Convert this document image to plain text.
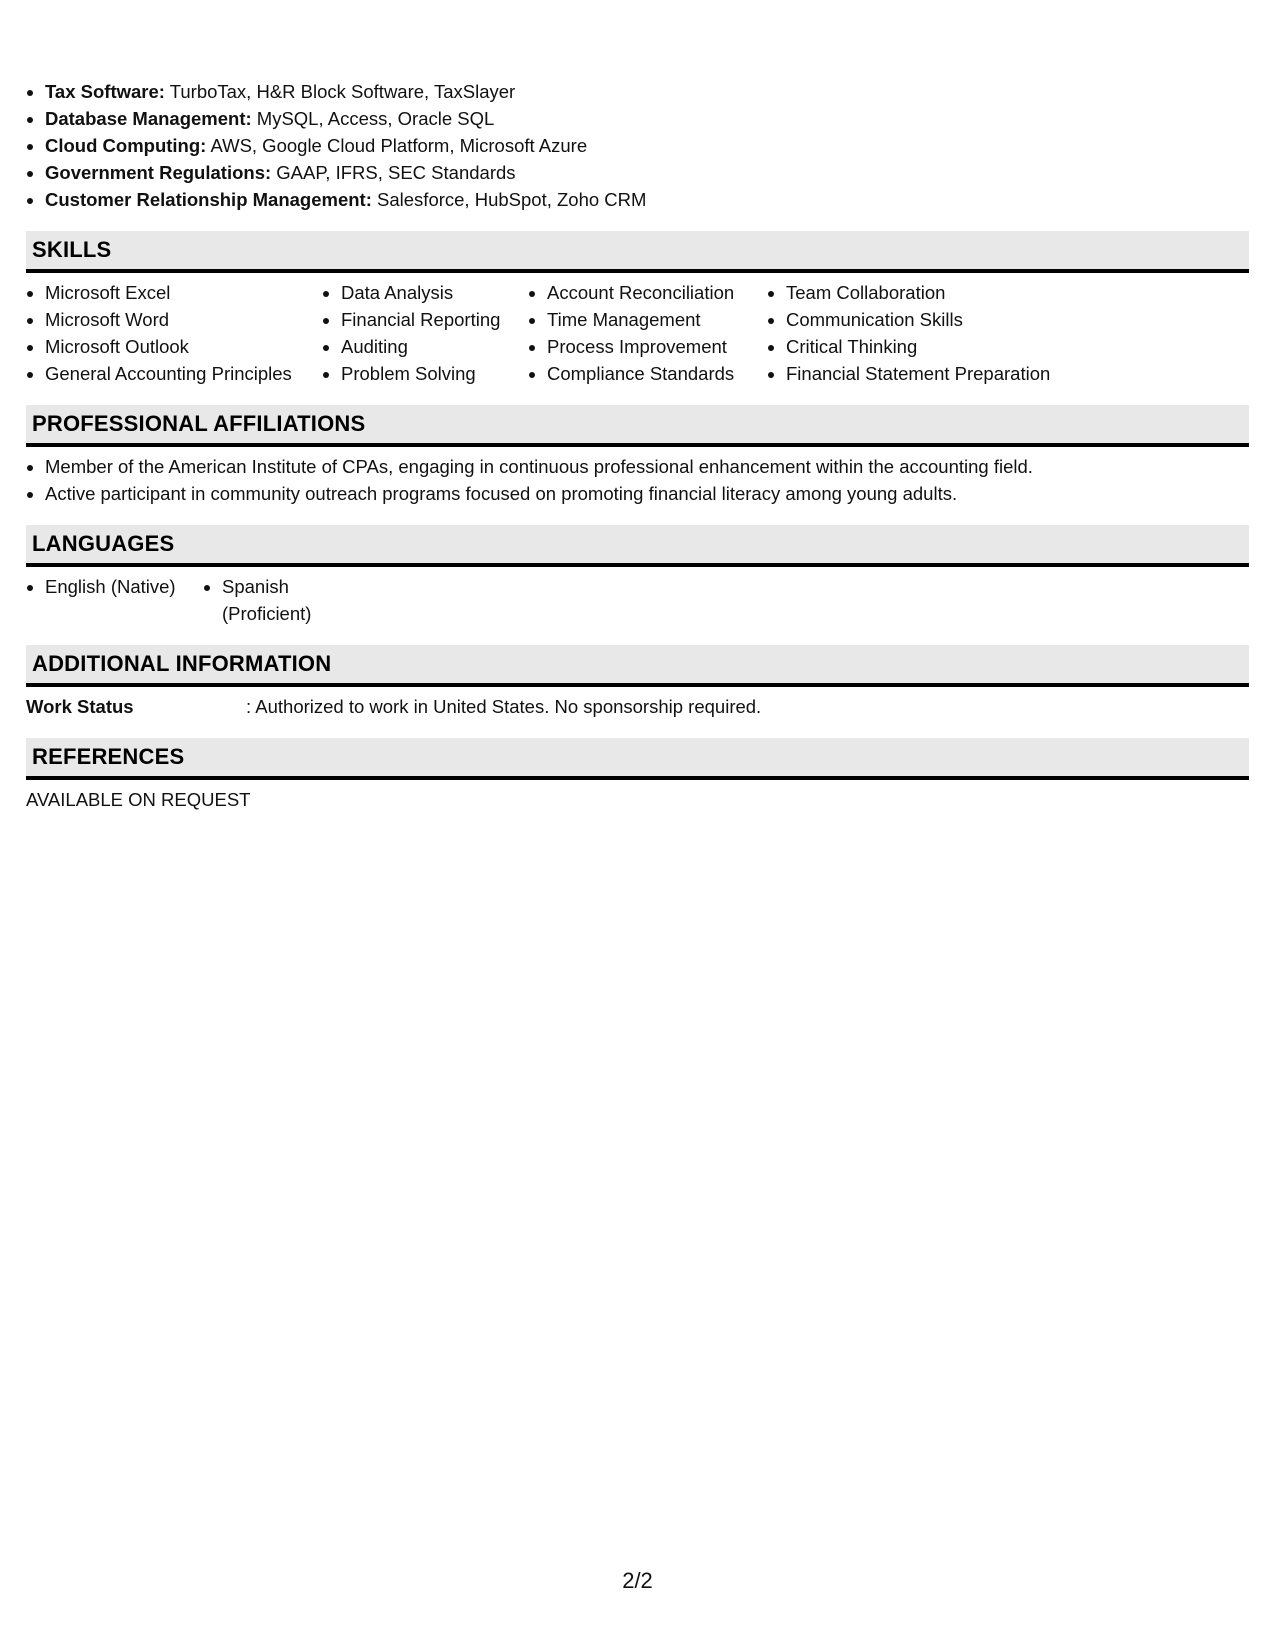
• Tax Software: TurboTax, H&R Block Software, TaxSlayer
• Database Management: MySQL, Access, Oracle SQL
• Cloud Computing: AWS, Google Cloud Platform, Microsoft Azure
• Government Regulations: GAAP, IFRS, SEC Standards
• Customer Relationship Management: Salesforce, HubSpot, Zoho CRM
SKILLS
• Microsoft Excel
• Microsoft Word
• Microsoft Outlook
• General Accounting Principles
• Data Analysis
• Financial Reporting
• Auditing
• Problem Solving
• Account Reconciliation
• Time Management
• Process Improvement
• Compliance Standards
• Team Collaboration
• Communication Skills
• Critical Thinking
• Financial Statement Preparation
PROFESSIONAL AFFILIATIONS
• Member of the American Institute of CPAs, engaging in continuous professional enhancement within the accounting field.
• Active participant in community outreach programs focused on promoting financial literacy among young adults.
LANGUAGES
• English (Native)
•	Spanish (Proficient)
ADDITIONAL INFORMATION
Work Status	: Authorized to work in United States. No sponsorship required.
REFERENCES

AVAILABLE ON REQUEST

2/2
